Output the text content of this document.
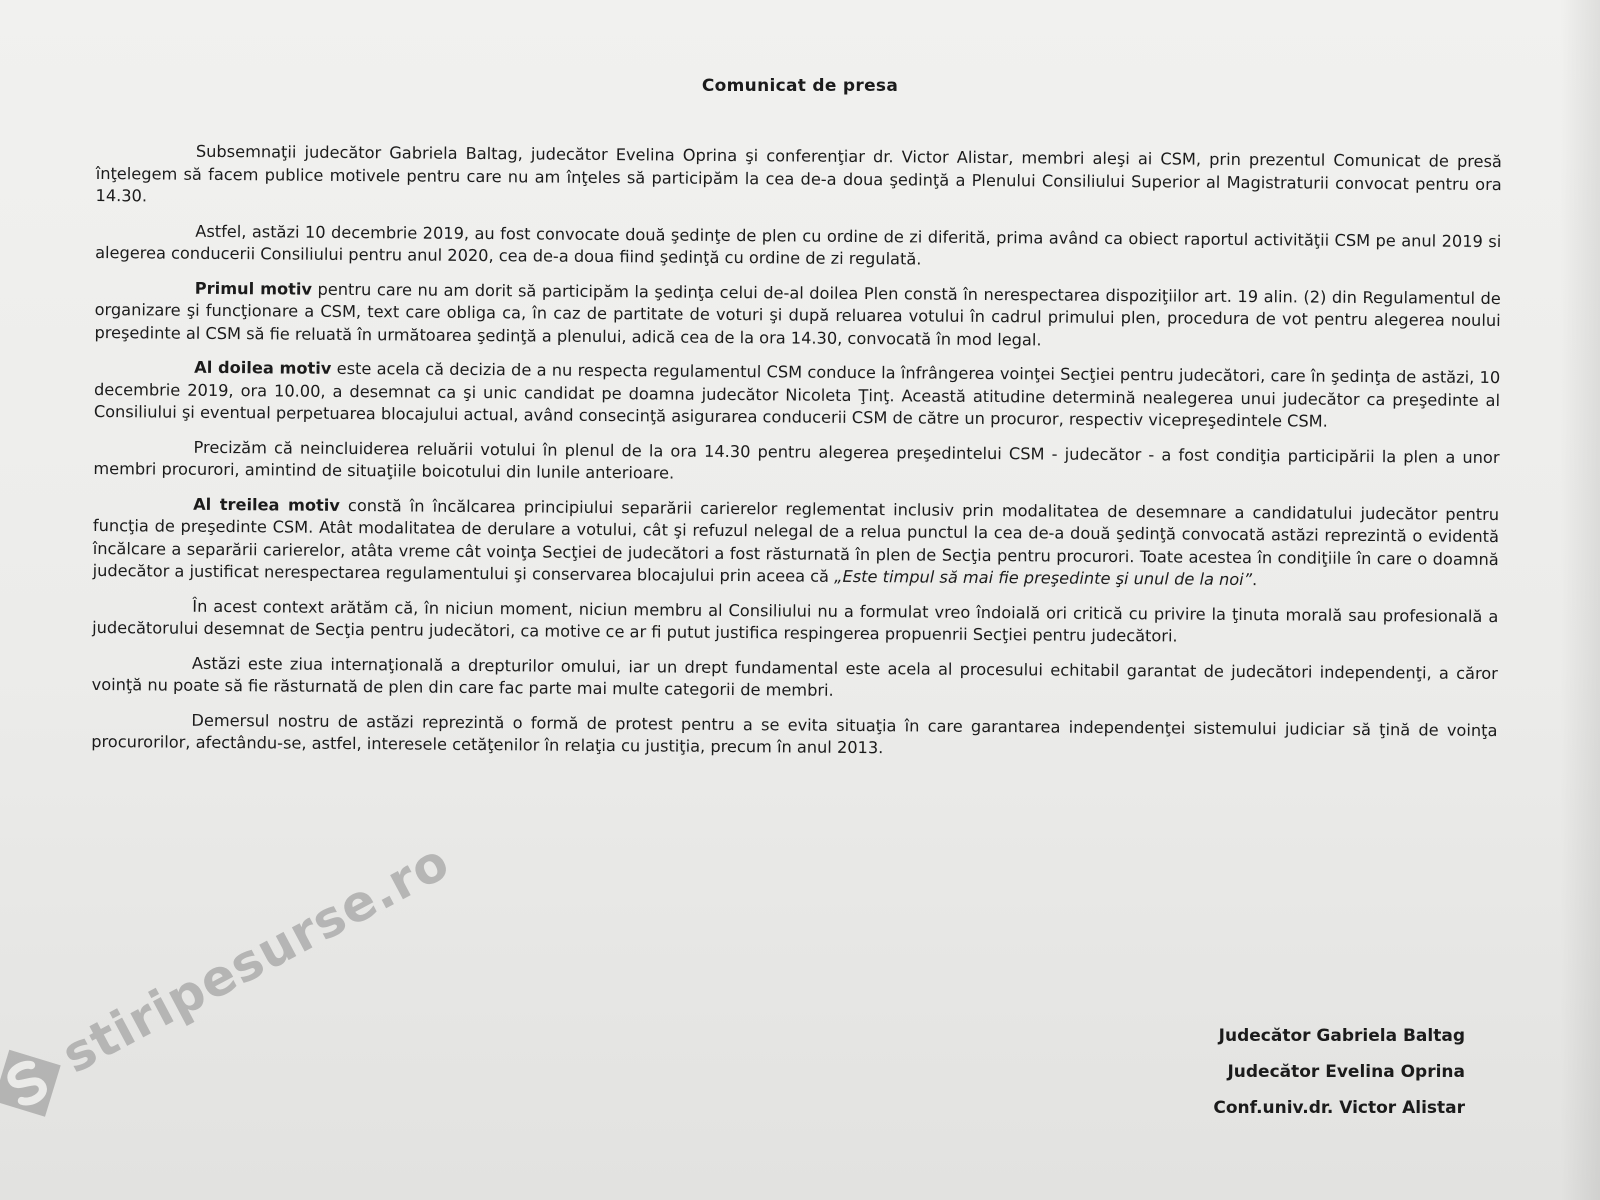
Comunicat de presa

Subsemnaţii judecător Gabriela Baltag, judecător Evelina Oprina şi conferenţiar dr. Victor Alistar, membri aleşi ai CSM, prin prezentul Comunicat de presă înţelegem să facem publice motivele pentru care nu am înţeles să participăm la cea de-a doua şedinţă a Plenului Consiliului Superior al Magistraturii convocat pentru ora 14.30.

Astfel, astăzi 10 decembrie 2019, au fost convocate două şedinţe de plen cu ordine de zi diferită, prima având ca obiect raportul activităţii CSM pe anul 2019 si alegerea conducerii Consiliului pentru anul 2020, cea de-a doua fiind şedinţă cu ordine de zi regulată.

Primul motiv pentru care nu am dorit să participăm la şedinţa celui de-al doilea Plen constă în nerespectarea dispoziţiilor art. 19 alin. (2) din Regulamentul de organizare şi funcţionare a CSM, text care obliga ca, în caz de partitate de voturi şi după reluarea votului în cadrul primului plen, procedura de vot pentru alegerea noului preşedinte al CSM să fie reluată în următoarea şedinţă a plenului, adică cea de la ora 14.30, convocată în mod legal.

Al doilea motiv este acela că decizia de a nu respecta regulamentul CSM conduce la înfrângerea voinţei Secţiei pentru judecători, care în şedinţa de astăzi, 10 decembrie 2019, ora 10.00, a desemnat ca şi unic candidat pe doamna judecător Nicoleta Ţinţ. Această atitudine determină nealegerea unui judecător ca preşedinte al Consiliului şi eventual perpetuarea blocajului actual, având consecinţă asigurarea conducerii CSM de către un procuror, respectiv vicepreşedintele CSM.

Precizăm că neincluiderea reluării votului în plenul de la ora 14.30 pentru alegerea preşedintelui CSM - judecător - a fost condiţia participării la plen a unor membri procurori, amintind de situaţiile boicotului din lunile anterioare.

Al treilea motiv constă în încălcarea principiului separării carierelor reglementat inclusiv prin modalitatea de desemnare a candidatului judecător pentru funcţia de preşedinte CSM. Atât modalitatea de derulare a votului, cât şi refuzul nelegal de a relua punctul la cea de-a două şedinţă convocată astăzi reprezintă o evidentă încălcare a separării carierelor, atâta vreme cât voinţa Secţiei de judecători a fost răsturnată în plen de Secţia pentru procurori. Toate acestea în condiţiile în care o doamnă judecător a justificat nerespectarea regulamentului şi conservarea blocajului prin aceea că „Este timpul să mai fie preşedinte şi unul de la noi”.

În acest context arătăm că, în niciun moment, niciun membru al Consiliului nu a formulat vreo îndoială ori critică cu privire la ţinuta morală sau profesională a judecătorului desemnat de Secţia pentru judecători, ca motive ce ar fi putut justifica respingerea propuenrii Secţiei pentru judecători.

Astăzi este ziua internaţională a drepturilor omului, iar un drept fundamental este acela al procesului echitabil garantat de judecători independenţi, a căror voinţă nu poate să fie răsturnată de plen din care fac parte mai multe categorii de membri.

Demersul nostru de astăzi reprezintă o formă de protest pentru a se evita situaţia în care garantarea independenţei sistemului judiciar să ţină de voinţa procurorilor, afectându-se, astfel, interesele cetăţenilor în relaţia cu justiţia, precum în anul 2013.

Judecător Gabriela Baltag
Judecător Evelina Oprina
Conf.univ.dr. Victor Alistar
stiripesurse.ro
